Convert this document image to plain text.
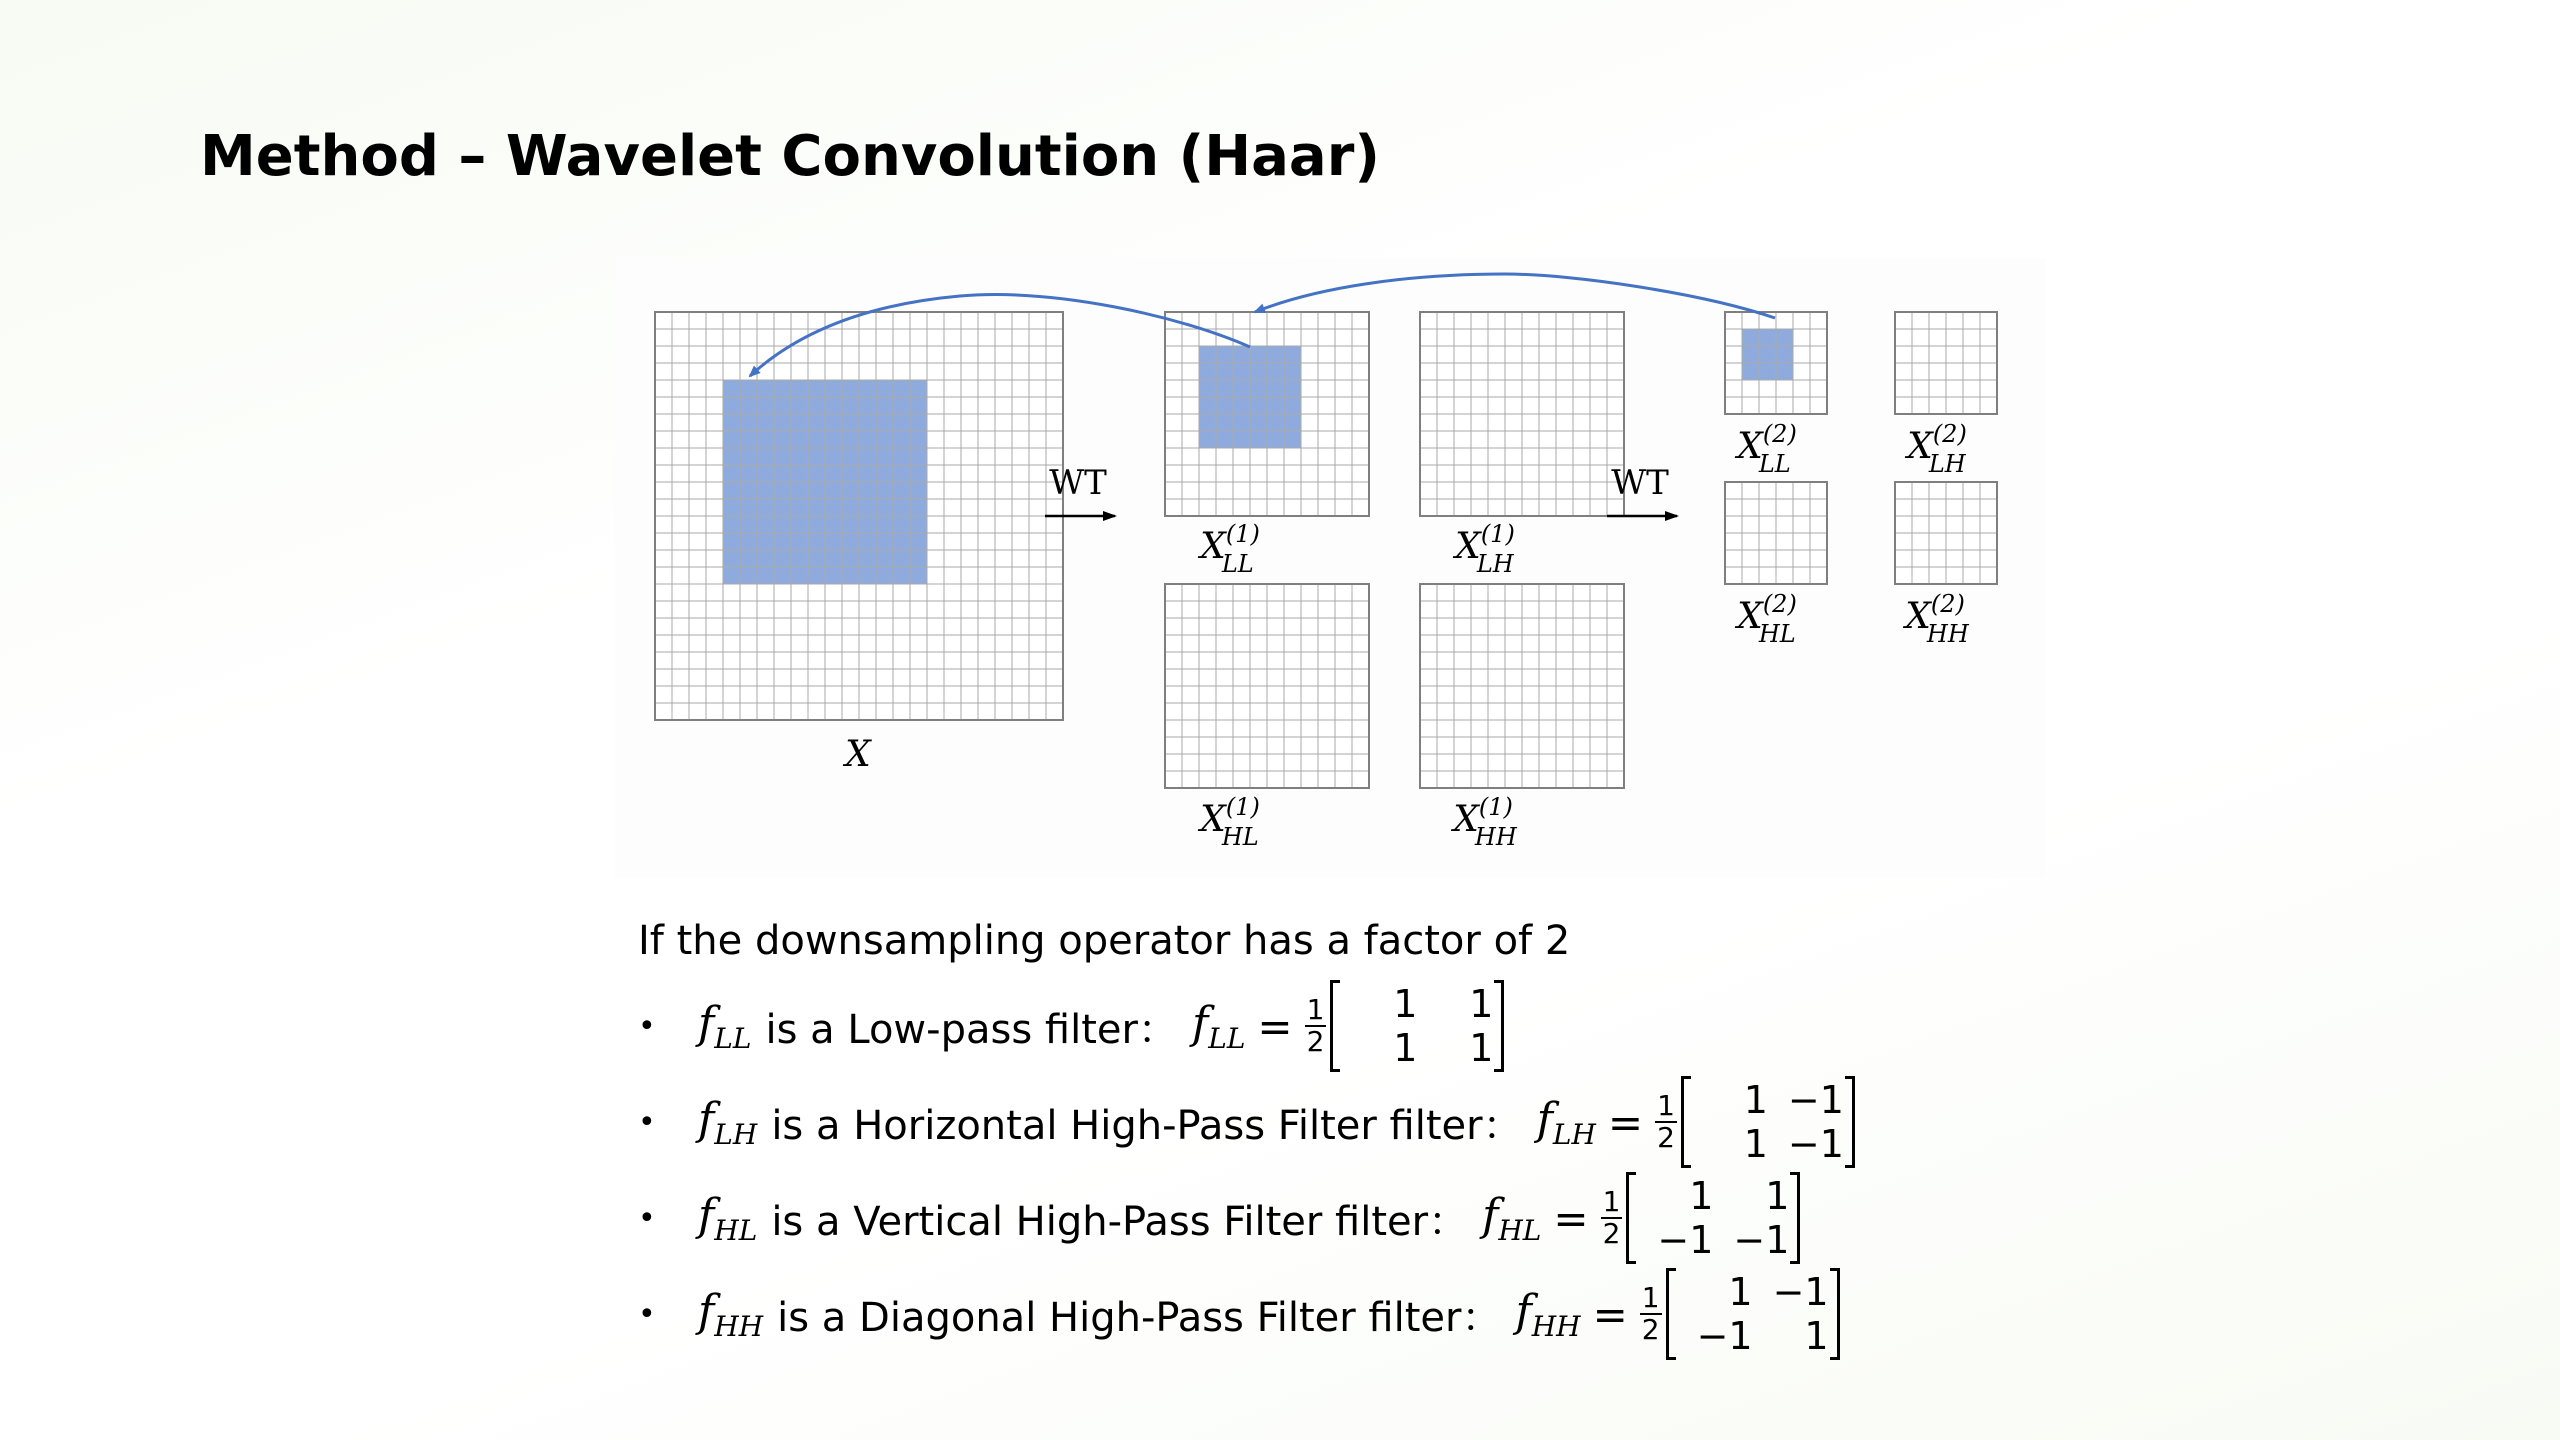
Method – Wavelet Convolution (Haar)
WT	WT
X
X(1) LL	X(1) LH
X(1) HL	X(1) HH
X(2) LL	X(2) LH
X(2) HL	X(2) HH
If the downsampling operator has a factor of 2
• $f_{LL}$ is a Low-pass filter： $f_{LL} = \frac{1}{2}$	1	1
1	1
• $f_{LH}$ is a Horizontal High-Pass Filter filter： $f_{LH} = \frac{1}{2}$	1 −1
1 −1
• $f_{HL}$ is a Vertical High-Pass Filter filter： $f_{HL} = \frac{1}{2}$	1	1
−1 −1
• $f_{HH}$ is a Diagonal High-Pass Filter filter： $f_{HH} = \frac{1}{2}$	1 −1
−1	1
